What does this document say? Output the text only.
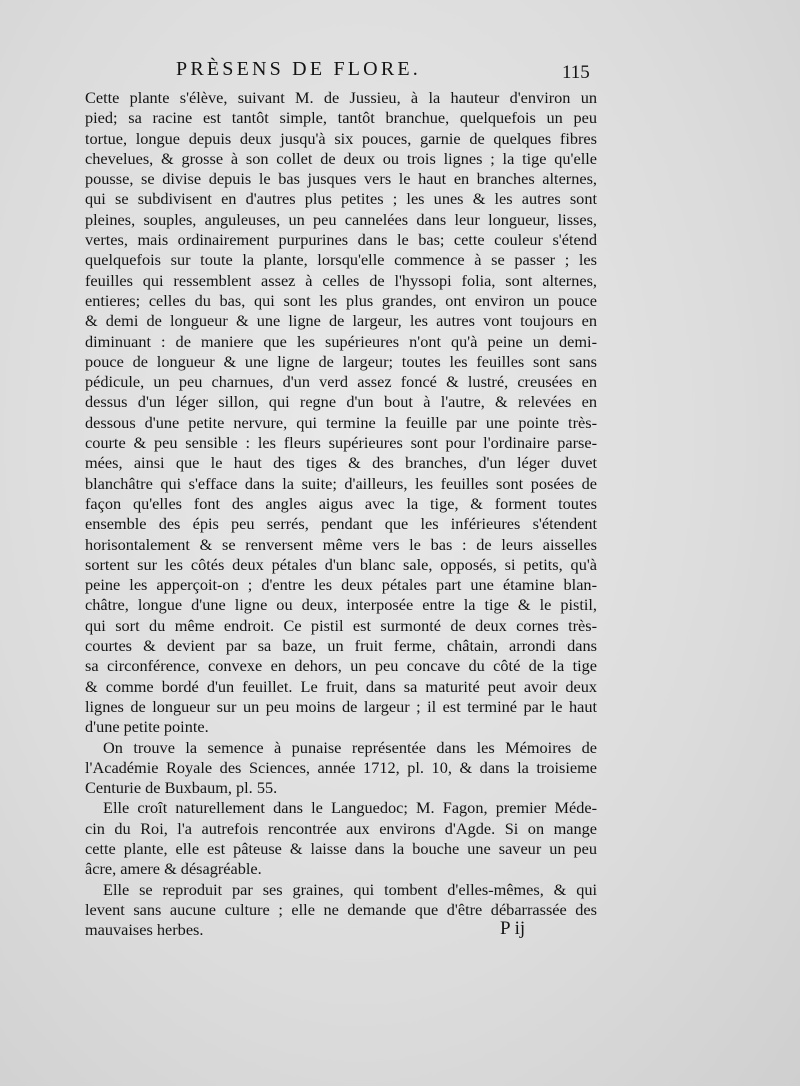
PRÈSENS DE FLORE.	115

Cette plante s'élève, suivant M. de Jussieu, à la hauteur d'environ un
pied; sa racine est tantôt simple, tantôt branchue, quelquefois un peu
tortue, longue depuis deux jusqu'à six pouces, garnie de quelques fibres
chevelues, & grosse à son collet de deux ou trois lignes ; la tige qu'elle
pousse, se divise depuis le bas jusques vers le haut en branches alternes,
qui se subdivisent en d'autres plus petites ; les unes & les autres sont
pleines, souples, anguleuses, un peu cannelées dans leur longueur, lisses,
vertes, mais ordinairement purpurines dans le bas; cette couleur s'étend
quelquefois sur toute la plante, lorsqu'elle commence à se passer ; les
feuilles qui ressemblent assez à celles de l'hyssopi folia, sont alternes,
entieres; celles du bas, qui sont les plus grandes, ont environ un pouce
& demi de longueur & une ligne de largeur, les autres vont toujours en
diminuant : de maniere que les supérieures n'ont qu'à peine un demi-
pouce de longueur & une ligne de largeur; toutes les feuilles sont sans
pédicule, un peu charnues, d'un verd assez foncé & lustré, creusées en
dessus d'un léger sillon, qui regne d'un bout à l'autre, & relevées en
dessous d'une petite nervure, qui termine la feuille par une pointe très-
courte & peu sensible : les fleurs supérieures sont pour l'ordinaire parse-
mées, ainsi que le haut des tiges & des branches, d'un léger duvet
blanchâtre qui s'efface dans la suite; d'ailleurs, les feuilles sont posées de
façon qu'elles font des angles aigus avec la tige, & forment toutes
ensemble des épis peu serrés, pendant que les inférieures s'étendent
horisontalement & se renversent même vers le bas : de leurs aisselles
sortent sur les côtés deux pétales d'un blanc sale, opposés, si petits, qu'à
peine les apperçoit-on ; d'entre les deux pétales part une étamine blan-
châtre, longue d'une ligne ou deux, interposée entre la tige & le pistil,
qui sort du même endroit. Ce pistil est surmonté de deux cornes très-
courtes & devient par sa baze, un fruit ferme, châtain, arrondi dans
sa circonférence, convexe en dehors, un peu concave du côté de la tige
& comme bordé d'un feuillet. Le fruit, dans sa maturité peut avoir deux
lignes de longueur sur un peu moins de largeur ; il est terminé par le haut
d'une petite pointe.

On trouve la semence à punaise représentée dans les Mémoires de
l'Académie Royale des Sciences, année 1712, pl. 10, & dans la troisieme
Centurie de Buxbaum, pl. 55.

Elle croît naturellement dans le Languedoc; M. Fagon, premier Méde-
cin du Roi, l'a autrefois rencontrée aux environs d'Agde. Si on mange
cette plante, elle est pâteuse & laisse dans la bouche une saveur un peu
âcre, amere & désagréable.

Elle se reproduit par ses graines, qui tombent d'elles-mêmes, & qui
levent sans aucune culture ; elle ne demande que d'être débarrassée des
mauvaises herbes.	P ij
